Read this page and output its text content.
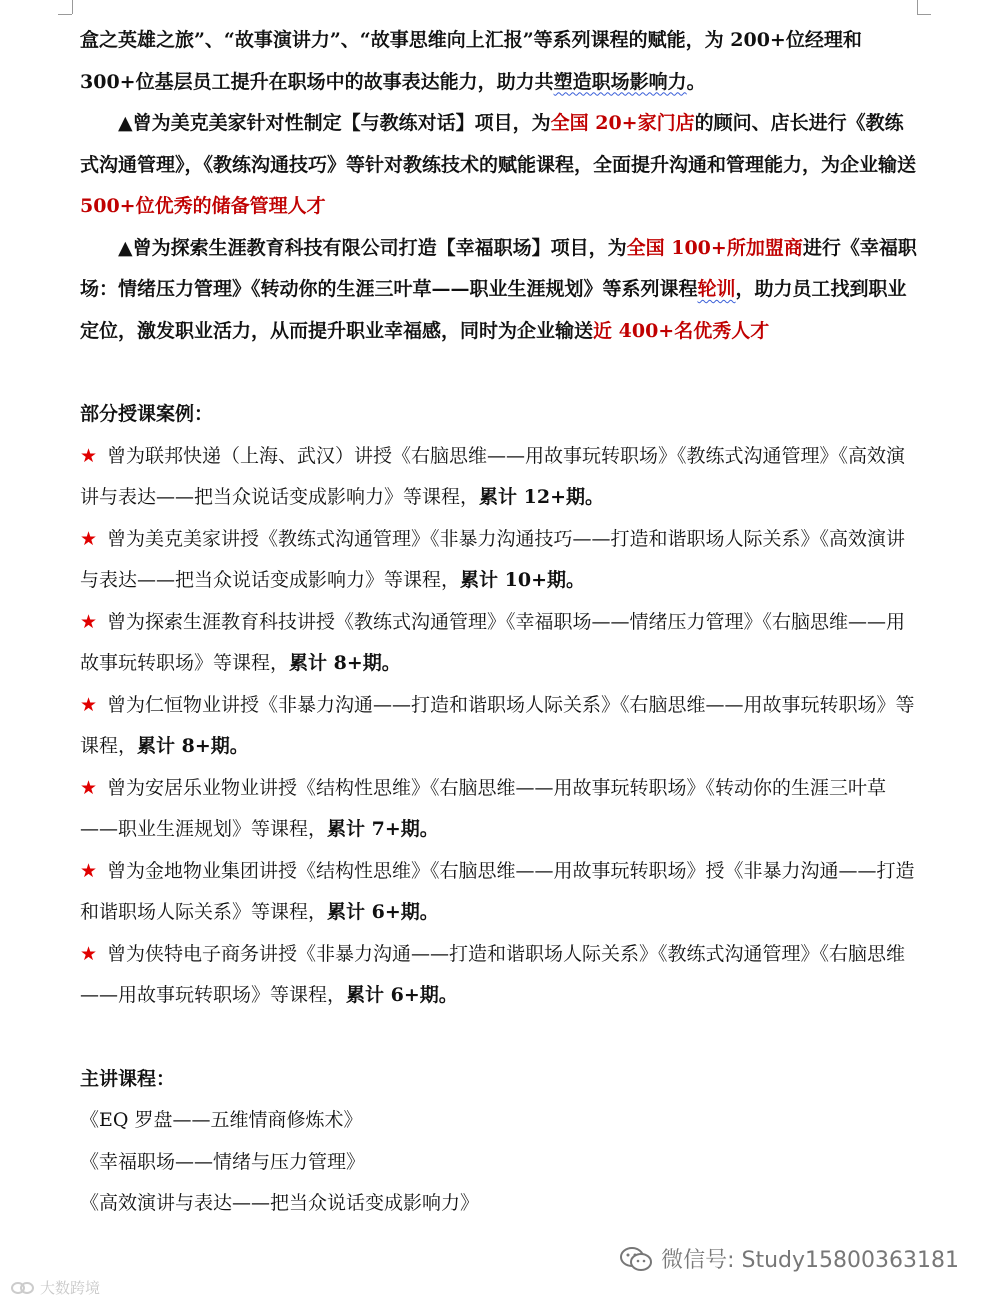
盒之英雄之旅”、“故事演讲力”、“故事思维向上汇报”等系列课程的赋能，为 200+位经理和 300+位基层员工提升在职场中的故事表达能力，助力共塑造职场影响力。

▲曾为美克美家针对性制定【与教练对话】项目，为全国 20+家门店的顾问、店长进行《教练式沟通管理》，《教练沟通技巧》等针对教练技术的赋能课程，全面提升沟通和管理能力，为企业输送 500+位优秀的储备管理人才

▲曾为探索生涯教育科技有限公司打造【幸福职场】项目，为全国 100+所加盟商进行《幸福职场：情绪压力管理》《转动你的生涯三叶草——职业生涯规划》等系列课程轮训，助力员工找到职业定位，激发职业活力，从而提升职业幸福感，同时为企业输送近 400+名优秀人才

部分授课案例：

★ 曾为联邦快递（上海、武汉）讲授《右脑思维——用故事玩转职场》《教练式沟通管理》《高效演讲与表达——把当众说话变成影响力》等课程，累计 12+期。

★ 曾为美克美家讲授《教练式沟通管理》《非暴力沟通技巧——打造和谐职场人际关系》《高效演讲与表达——把当众说话变成影响力》等课程，累计 10+期。

★ 曾为探索生涯教育科技讲授《教练式沟通管理》《幸福职场——情绪压力管理》《右脑思维——用故事玩转职场》等课程，累计 8+期。

★ 曾为仁恒物业讲授《非暴力沟通——打造和谐职场人际关系》《右脑思维——用故事玩转职场》等课程，累计 8+期。

★ 曾为安居乐业物业讲授《结构性思维》《右脑思维——用故事玩转职场》《转动你的生涯三叶草——职业生涯规划》等课程，累计 7+期。

★ 曾为金地物业集团讲授《结构性思维》《右脑思维——用故事玩转职场》授《非暴力沟通——打造和谐职场人际关系》等课程，累计 6+期。

★ 曾为侠特电子商务讲授《非暴力沟通——打造和谐职场人际关系》《教练式沟通管理》《右脑思维——用故事玩转职场》等课程，累计 6+期。

主讲课程：

《EQ 罗盘——五维情商修炼术》

《幸福职场——情绪与压力管理》

《高效演讲与表达——把当众说话变成影响力》

微信号: Study15800363181
大数跨境
